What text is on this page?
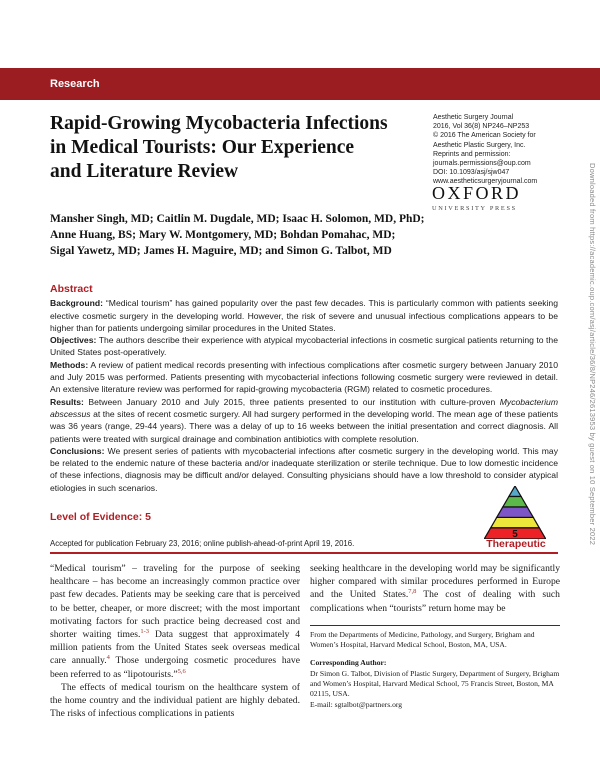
Research
Rapid-Growing Mycobacteria Infections
in Medical Tourists: Our Experience
and Literature Review
Aesthetic Surgery Journal
2016, Vol 36(8) NP246–NP253
© 2016 The American Society for
Aesthetic Plastic Surgery, Inc.
Reprints and permission:
journals.permissions@oup.com
DOI: 10.1093/asj/sjw047
www.aestheticsurgeryjournal.com
OXFORD
UNIVERSITY PRESS
Mansher Singh, MD; Caitlin M. Dugdale, MD; Isaac H. Solomon, MD, PhD;
Anne Huang, BS; Mary W. Montgomery, MD; Bohdan Pomahac, MD;
Sigal Yawetz, MD; James H. Maguire, MD; and Simon G. Talbot, MD
Abstract

Background: “Medical tourism” has gained popularity over the past few decades. This is particularly common with patients seeking elective cosmetic surgery in the developing world. However, the risk of severe and unusual infectious complications appears to be higher than for patients undergoing similar procedures in the United States.

Objectives: The authors describe their experience with atypical mycobacterial infections in cosmetic surgical patients returning to the United States post-operatively.

Methods: A review of patient medical records presenting with infectious complications after cosmetic surgery between January 2010 and July 2015 was performed. Patients presenting with mycobacterial infections following cosmetic surgery were reviewed in detail. An extensive literature review was performed for rapid-growing mycobacteria (RGM) related to cosmetic procedures.

Results: Between January 2010 and July 2015, three patients presented to our institution with culture-proven Mycobacterium abscessus at the sites of recent cosmetic surgery. All had surgery performed in the developing world. The mean age of these patients was 36 years (range, 29-44 years). There was a delay of up to 16 weeks between the initial presentation and correct diagnosis. All patients were treated with surgical drainage and combination antibiotics with complete resolution.

Conclusions: We present series of patients with mycobacterial infections after cosmetic surgery in the developing world. This may be related to the endemic nature of these bacteria and/or inadequate sterilization or sterile technique. Due to low domestic incidence of these infections, diagnosis may be difficult and/or delayed. Consulting physicians should have a low threshold to consider atypical etiologies in such scenarios.

Level of Evidence: 5
5
Therapeutic
Accepted for publication February 23, 2016; online publish-ahead-of-print April 19, 2016.

“Medical tourism” – traveling for the purpose of seeking healthcare – has become an increasingly common practice over past few decades. Patients may be seeking care that is perceived to be better, cheaper, or more discreet; with the most important motivating factors for such practice being decreased cost and shorter waiting times.$^{1-3}$ Data suggest that approximately 4 million patients from the United States seek overseas medical care annually.$^4$ Those undergoing cosmetic procedures have been referred to as “lipotourists.”$^{5,6}$

The effects of medical tourism on the healthcare system of the home country and the individual patient are highly debated. The risks of infectious complications in patients

seeking healthcare in the developing world may be significantly higher compared with similar procedures performed in Europe and the United States.$^{7,8}$ The cost of dealing with such complications when “tourists” return home may be

From the Departments of Medicine, Pathology, and Surgery, Brigham and Women’s Hospital, Harvard Medical School, Boston, MA, USA.

Corresponding Author:
Dr Simon G. Talbot, Division of Plastic Surgery, Department of Surgery, Brigham and Women’s Hospital, Harvard Medical School, 75 Francis Street, Boston, MA 02115, USA.
E-mail: sgtalbot@partners.org

Downloaded from https://academic.oup.com/asj/article/36/8/NP246/2613953 by guest on 10 September 2022
